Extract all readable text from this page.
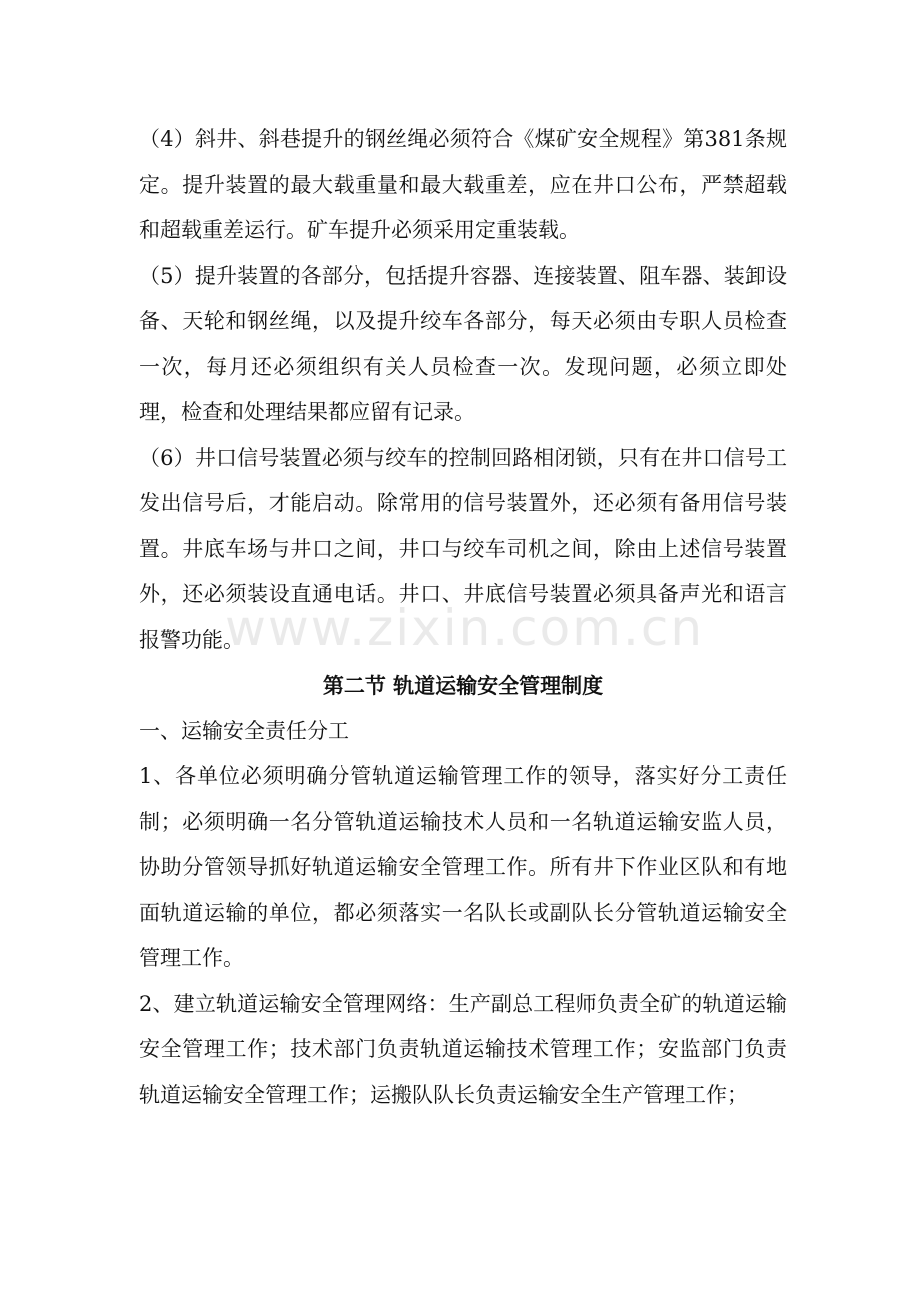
（4）斜井、斜巷提升的钢丝绳必须符合《煤矿安全规程》第381条规定。提升装置的最大载重量和最大载重差，应在井口公布，严禁超载和超载重差运行。矿车提升必须采用定重装载。

（5）提升装置的各部分，包括提升容器、连接装置、阻车器、装卸设备、天轮和钢丝绳，以及提升绞车各部分，每天必须由专职人员检查一次，每月还必须组织有关人员检查一次。发现问题，必须立即处理，检查和处理结果都应留有记录。

（6）井口信号装置必须与绞车的控制回路相闭锁，只有在井口信号工发出信号后，才能启动。除常用的信号装置外，还必须有备用信号装置。井底车场与井口之间，井口与绞车司机之间，除由上述信号装置外，还必须装设直通电话。井口、井底信号装置必须具备声光和语言报警功能。

第二节 轨道运输安全管理制度

一、运输安全责任分工

1、各单位必须明确分管轨道运输管理工作的领导，落实好分工责任制；必须明确一名分管轨道运输技术人员和一名轨道运输安监人员，协助分管领导抓好轨道运输安全管理工作。所有井下作业区队和有地面轨道运输的单位，都必须落实一名队长或副队长分管轨道运输安全管理工作。

2、建立轨道运输安全管理网络：生产副总工程师负责全矿的轨道运输安全管理工作；技术部门负责轨道运输技术管理工作；安监部门负责轨道运输安全管理工作；运搬队队长负责运输安全生产管理工作；

www.zixin.com.cn
